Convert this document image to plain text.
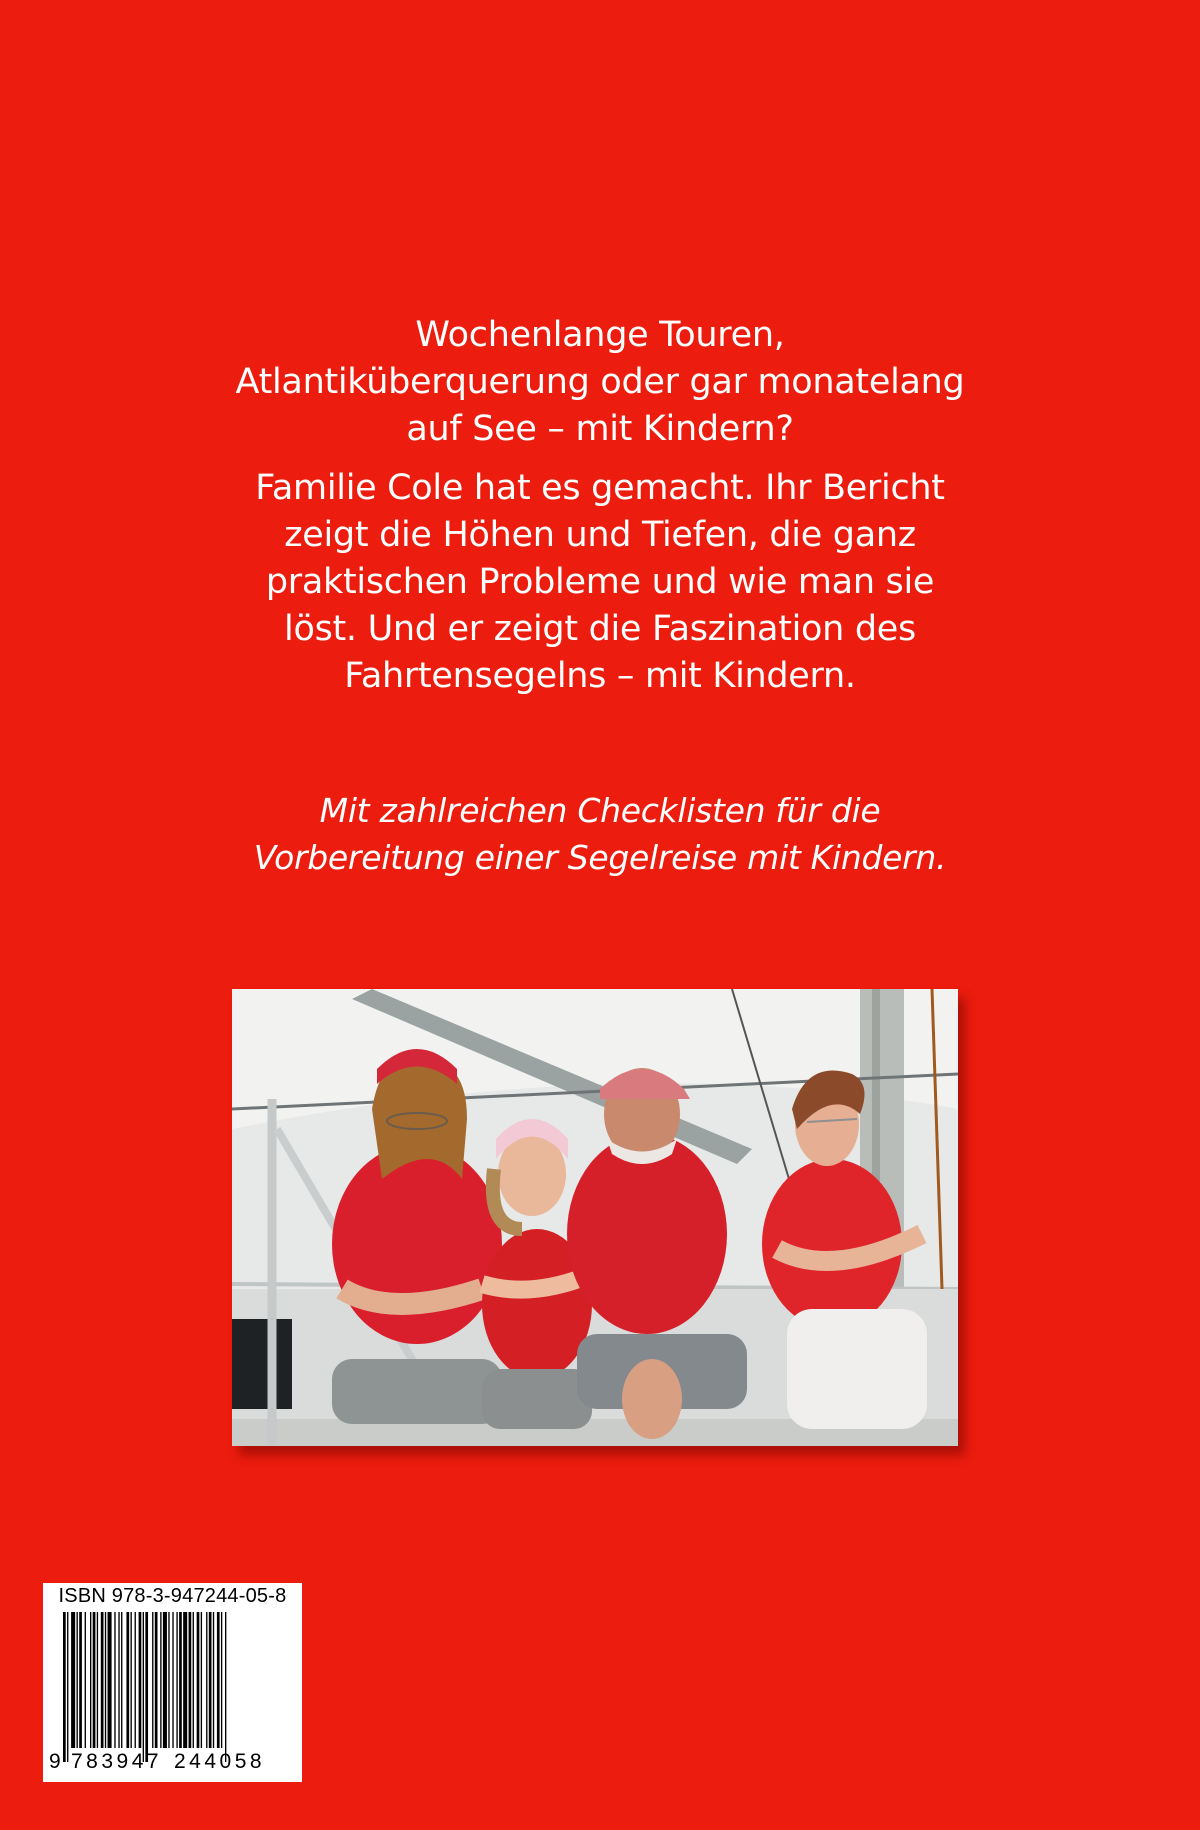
Wochenlange Touren,
Atlantiküberquerung oder gar monatelang
auf See – mit Kindern?

Familie Cole hat es gemacht. Ihr Bericht
zeigt die Höhen und Tiefen, die ganz
praktischen Probleme und wie man sie
löst. Und er zeigt die Faszination des
Fahrtensegelns – mit Kindern.

Mit zahlreichen Checklisten für die
Vorbereitung einer Segelreise mit Kindern.
ISBN 978-3-947244-05-8
9 783947 244058
